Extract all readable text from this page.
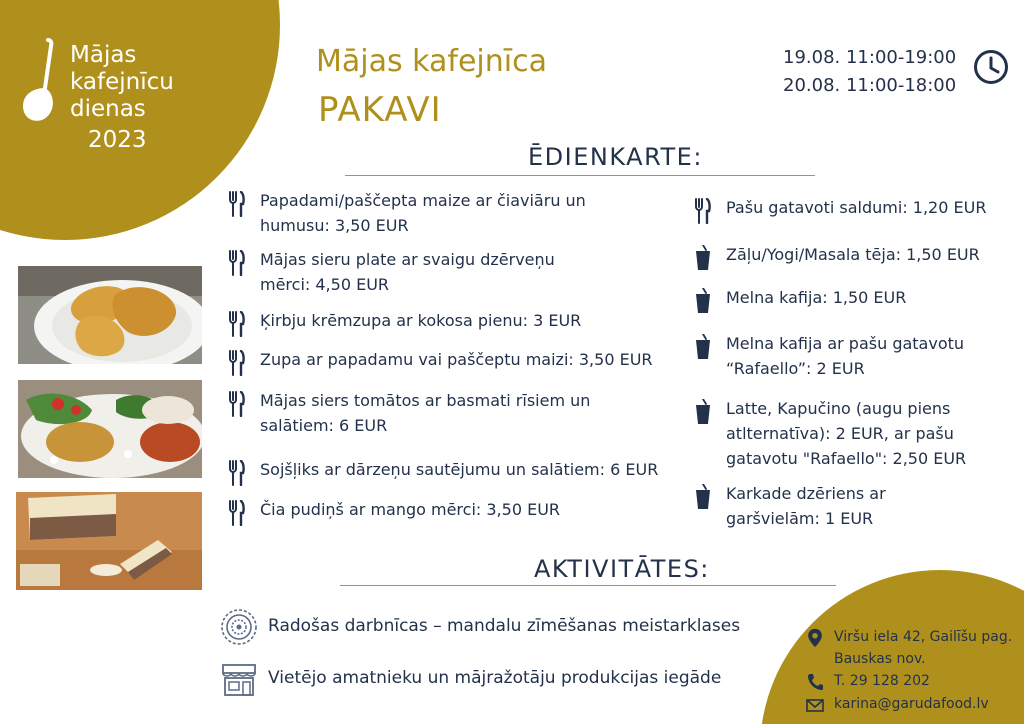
Mājas
kafejnīcu
dienas
2023
Mājas kafejnīca
PAKAVI
19.08. 11:00-19:00
20.08. 11:00-18:00
ĒDIENKARTE:
Papadami/paščepta maize ar čiaviāru un humusu: 3,50 EUR
Mājas sieru plate ar svaigu dzērveņu mērci: 4,50 EUR
Ķirbju krēmzupa ar kokosa pienu: 3 EUR
Zupa ar papadamu vai paščeptu maizi: 3,50 EUR
Mājas siers tomātos ar basmati rīsiem un salātiem: 6 EUR
Sojšļiks ar dārzeņu sautējumu un salātiem: 6 EUR
Čia pudiņš ar mango mērci: 3,50 EUR
Pašu gatavoti saldumi: 1,20 EUR
Zāļu/Yogi/Masala tēja: 1,50 EUR
Melna kafija: 1,50 EUR
Melna kafija ar pašu gatavotu “Rafaello”: 2 EUR
Latte, Kapučino (augu piens atlternatīva): 2 EUR, ar pašu gatavotu "Rafaello": 2,50 EUR
Karkade dzēriens ar garšvielām: 1 EUR
AKTIVITĀTES:
Radošas darbnīcas – mandalu zīmēšanas meistarklases
Vietējo amatnieku un mājražotāju produkcijas iegāde
Viršu iela 42, Gailīšu pag.
Bauskas nov.
T. 29 128 202
karina@garudafood.lv
